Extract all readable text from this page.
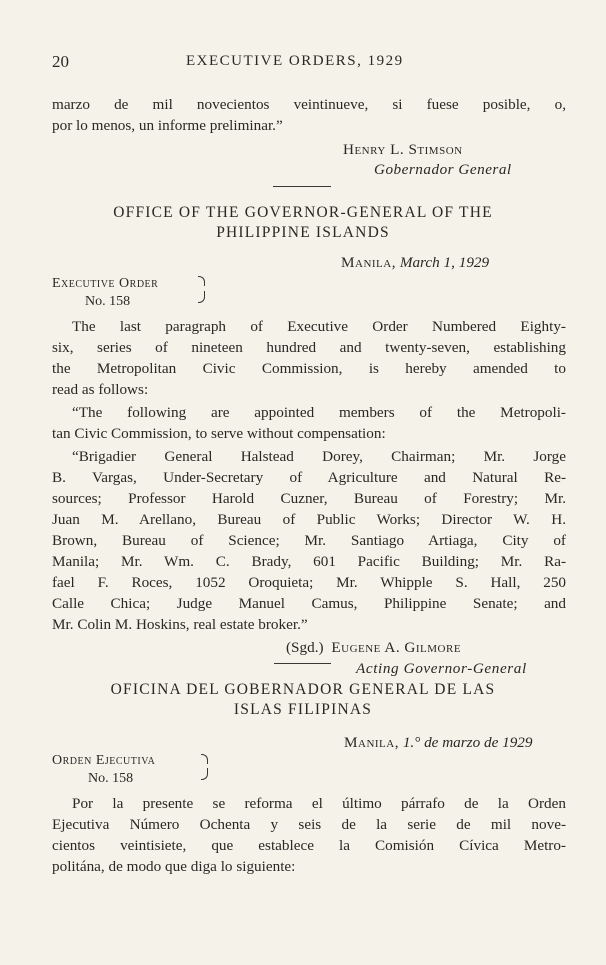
20	EXECUTIVE ORDERS, 1929
marzo de mil novecientos veintinueve, si fuese posible, o,
por lo menos, un informe preliminar.”
Henry L. Stimson
Gobernador General
OFFICE OF THE GOVERNOR-GENERAL OF THE
PHILIPPINE ISLANDS
Manila, March 1, 1929
Executive Order
No. 158
The last paragraph of Executive Order Numbered Eighty-
six, series of nineteen hundred and twenty-seven, establishing
the Metropolitan Civic Commission, is hereby amended to
read as follows:
“The following are appointed members of the Metropoli-
tan Civic Commission, to serve without compensation:
“Brigadier General Halstead Dorey, Chairman; Mr. Jorge
B. Vargas, Under-Secretary of Agriculture and Natural Re-
sources; Professor Harold Cuzner, Bureau of Forestry; Mr.
Juan M. Arellano, Bureau of Public Works; Director W. H.
Brown, Bureau of Science; Mr. Santiago Artiaga, City of
Manila; Mr. Wm. C. Brady, 601 Pacific Building; Mr. Ra-
fael F. Roces, 1052 Oroquieta; Mr. Whipple S. Hall, 250
Calle Chica; Judge Manuel Camus, Philippine Senate; and
Mr. Colin M. Hoskins, real estate broker.”
(Sgd.) Eugene A. Gilmore
Acting Governor-General
OFICINA DEL GOBERNADOR GENERAL DE LAS
ISLAS FILIPINAS
Manila, 1.° de marzo de 1929
Orden Ejecutiva
No. 158
Por la presente se reforma el último párrafo de la Orden
Ejecutiva Número Ochenta y seis de la serie de mil nove-
cientos veintisiete, que establece la Comisión Cívica Metro-
politána, de modo que diga lo siguiente:
